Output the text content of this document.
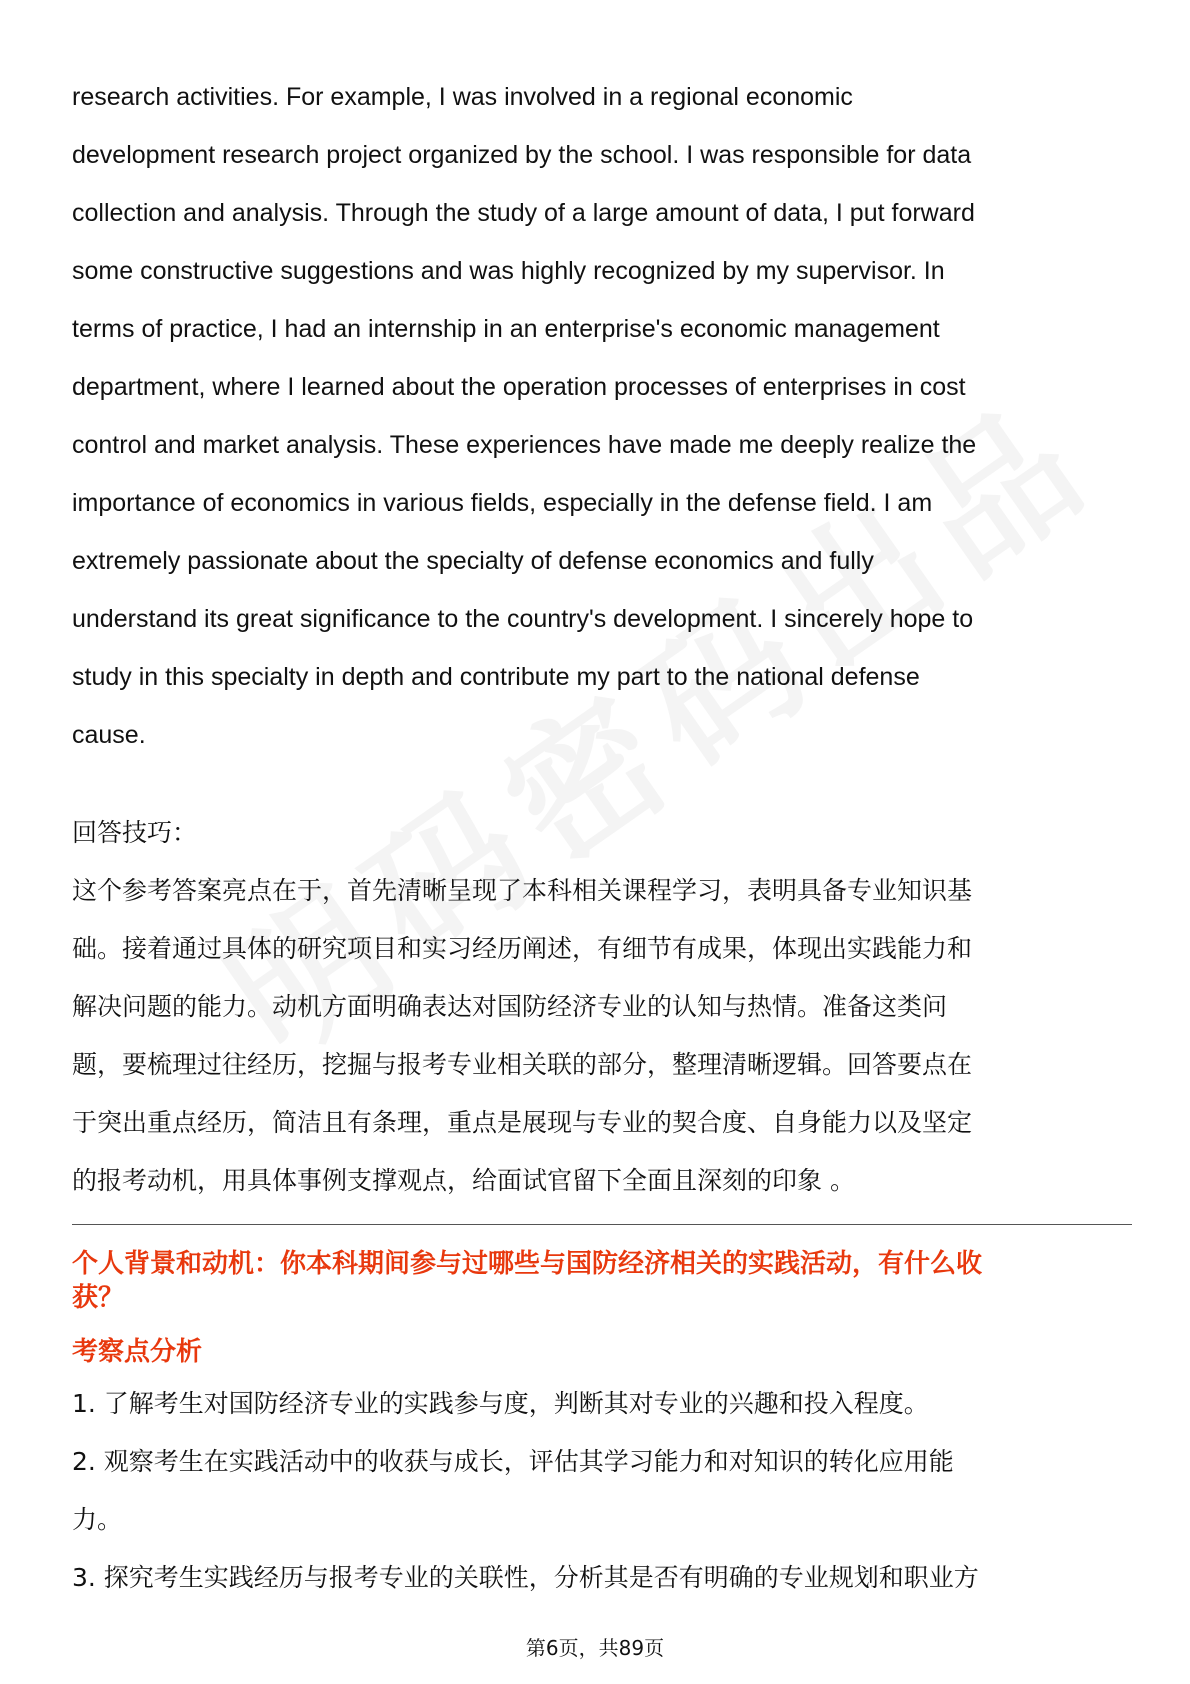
research activities. For example, I was involved in a regional economic
development research project organized by the school. I was responsible for data
collection and analysis. Through the study of a large amount of data, I put forward
some constructive suggestions and was highly recognized by my supervisor. In
terms of practice, I had an internship in an enterprise's economic management
department, where I learned about the operation processes of enterprises in cost
control and market analysis. These experiences have made me deeply realize the
importance of economics in various fields, especially in the defense field. I am
extremely passionate about the specialty of defense economics and fully
understand its great significance to the country's development. I sincerely hope to
study in this specialty in depth and contribute my part to the national defense
cause.

回答技巧：

这个参考答案亮点在于，首先清晰呈现了本科相关课程学习，表明具备专业知识基
础。接着通过具体的研究项目和实习经历阐述，有细节有成果，体现出实践能力和
解决问题的能力。动机方面明确表达对国防经济专业的认知与热情。准备这类问
题，要梳理过往经历，挖掘与报考专业相关联的部分，整理清晰逻辑。回答要点在
于突出重点经历，简洁且有条理，重点是展现与专业的契合度、自身能力以及坚定
的报考动机，用具体事例支撑观点，给面试官留下全面且深刻的印象 。

个人背景和动机：你本科期间参与过哪些与国防经济相关的实践活动，有什么收
获？
考察点分析
1. 了解考生对国防经济专业的实践参与度，判断其对专业的兴趣和投入程度。
2. 观察考生在实践活动中的收获与成长，评估其学习能力和对知识的转化应用能
力。
3. 探究考生实践经历与报考专业的关联性，分析其是否有明确的专业规划和职业方
第6页，共89页
